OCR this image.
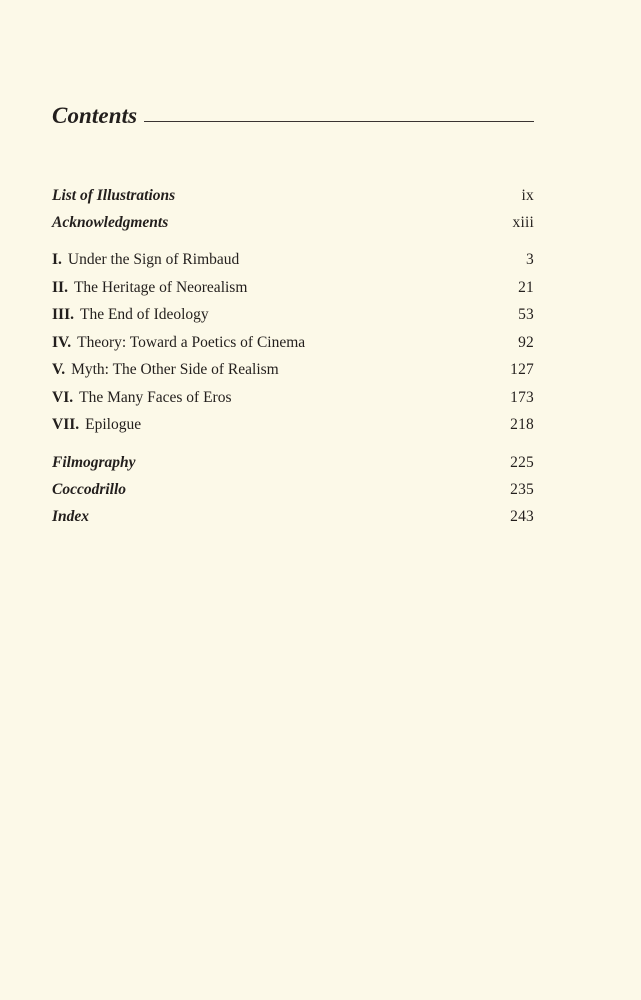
Contents
List of Illustrations	ix
Acknowledgments	xiii
I. Under the Sign of Rimbaud	3
II. The Heritage of Neorealism	21
III. The End of Ideology	53
IV. Theory: Toward a Poetics of Cinema	92
V. Myth: The Other Side of Realism	127
VI. The Many Faces of Eros	173
VII. Epilogue	218
Filmography	225
Coccodrillo	235
Index	243
